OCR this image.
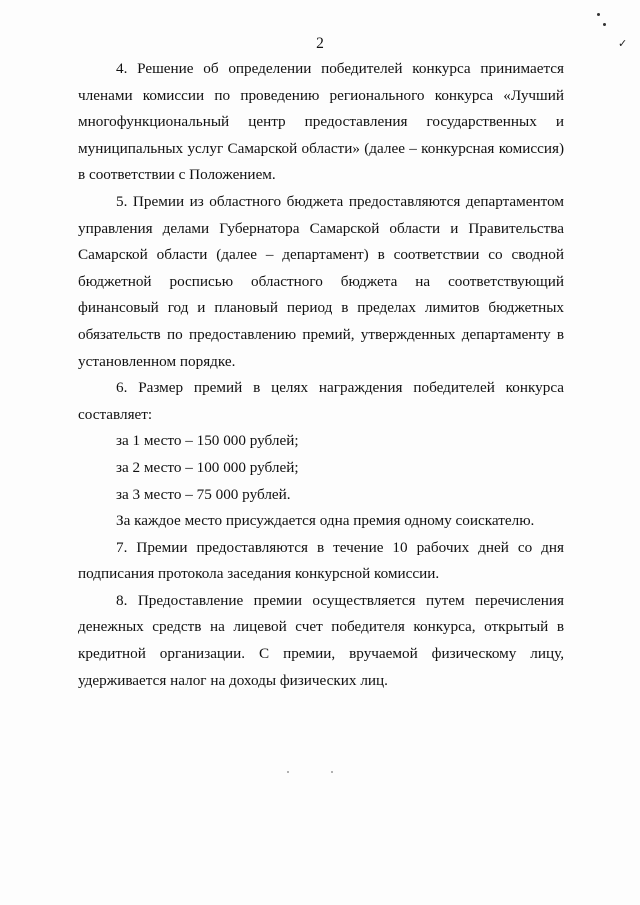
2	✓

4. Решение об определении победителей конкурса принимается членами комиссии по проведению регионального конкурса «Лучший многофункциональный центр предоставления государственных и муниципальных услуг Самарской области» (далее – конкурсная комиссия) в соответствии с Положением.

5. Премии из областного бюджета предоставляются департаментом управления делами Губернатора Самарской области и Правительства Самарской области (далее – департамент) в соответствии со сводной бюджетной росписью областного бюджета на соответствующий финансовый год и плановый период в пределах лимитов бюджетных обязательств по предоставлению премий, утвержденных департаменту в установленном порядке.

6. Размер премий в целях награждения победителей конкурса составляет:

за 1 место – 150 000 рублей;

за 2 место – 100 000 рублей;

за 3 место – 75 000 рублей.

За каждое место присуждается одна премия одному соискателю.

7. Премии предоставляются в течение 10 рабочих дней со дня подписания протокола заседания конкурсной комиссии.

8. Предоставление премии осуществляется путем перечисления денежных средств на лицевой счет победителя конкурса, открытый в кредитной организации. С премии, вручаемой физическому лицу, удерживается налог на доходы физических лиц.
